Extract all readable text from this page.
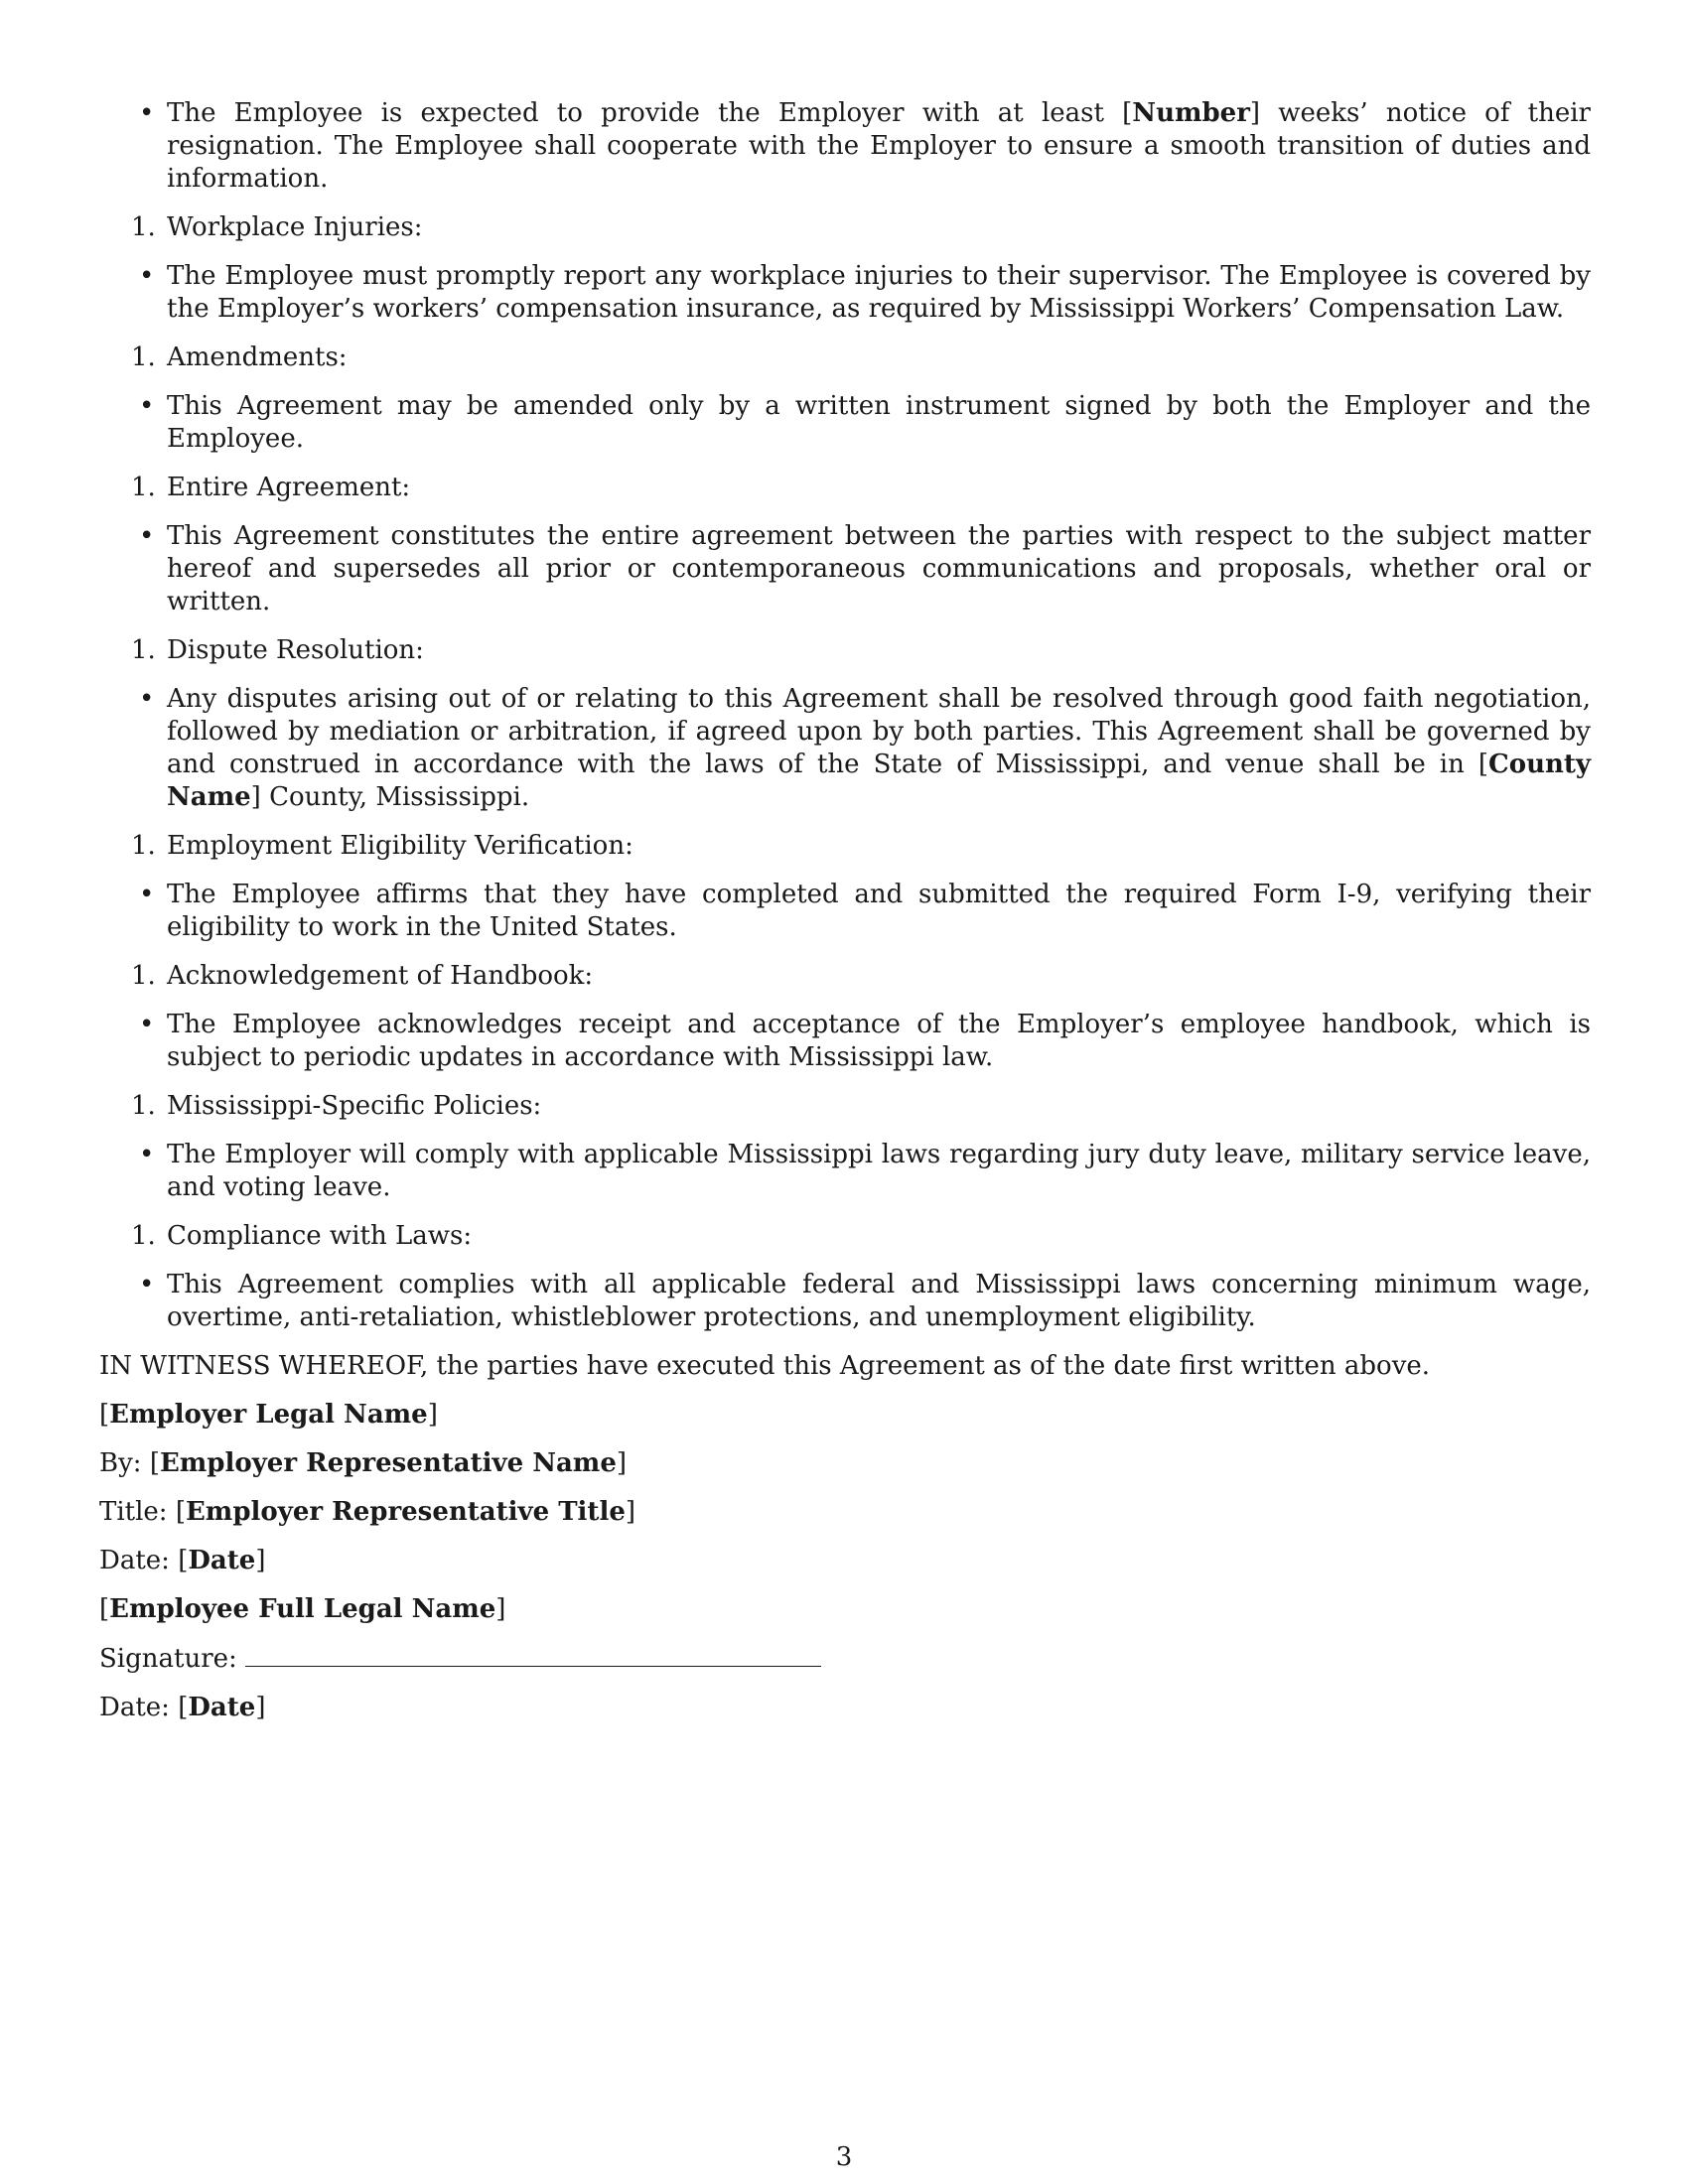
• The Employee is expected to provide the Employer with at least [Number] weeks’ notice of their resignation. The Employee shall cooperate with the Employer to ensure a smooth transition of duties and information.
1. Workplace Injuries:
• The Employee must promptly report any workplace injuries to their supervisor. The Employee is covered by the Employer’s workers’ compensation insurance, as required by Mississippi Workers’ Compensation Law.
1. Amendments:
• This Agreement may be amended only by a written instrument signed by both the Employer and the Employee.
1. Entire Agreement:
• This Agreement constitutes the entire agreement between the parties with respect to the subject matter hereof and supersedes all prior or contemporaneous communications and proposals, whether oral or written.
1. Dispute Resolution:
• Any disputes arising out of or relating to this Agreement shall be resolved through good faith negotiation, followed by mediation or arbitration, if agreed upon by both parties. This Agreement shall be governed by and construed in accordance with the laws of the State of Mississippi, and venue shall be in [County Name] County, Mississippi.
1. Employment Eligibility Verification:
• The Employee affirms that they have completed and submitted the required Form I-9, verifying their eligibility to work in the United States.
1. Acknowledgement of Handbook:
• The Employee acknowledges receipt and acceptance of the Employer’s employee handbook, which is subject to periodic updates in accordance with Mississippi law.
1. Mississippi-Specific Policies:
• The Employer will comply with applicable Mississippi laws regarding jury duty leave, military service leave, and voting leave.
1. Compliance with Laws:
• This Agreement complies with all applicable federal and Mississippi laws concerning minimum wage, overtime, anti-retaliation, whistleblower protections, and unemployment eligibility.

IN WITNESS WHEREOF, the parties have executed this Agreement as of the date first written above.

[Employer Legal Name]

By: [Employer Representative Name]

Title: [Employer Representative Title]

Date: [Date]

[Employee Full Legal Name]

Signature:

Date: [Date]

3
